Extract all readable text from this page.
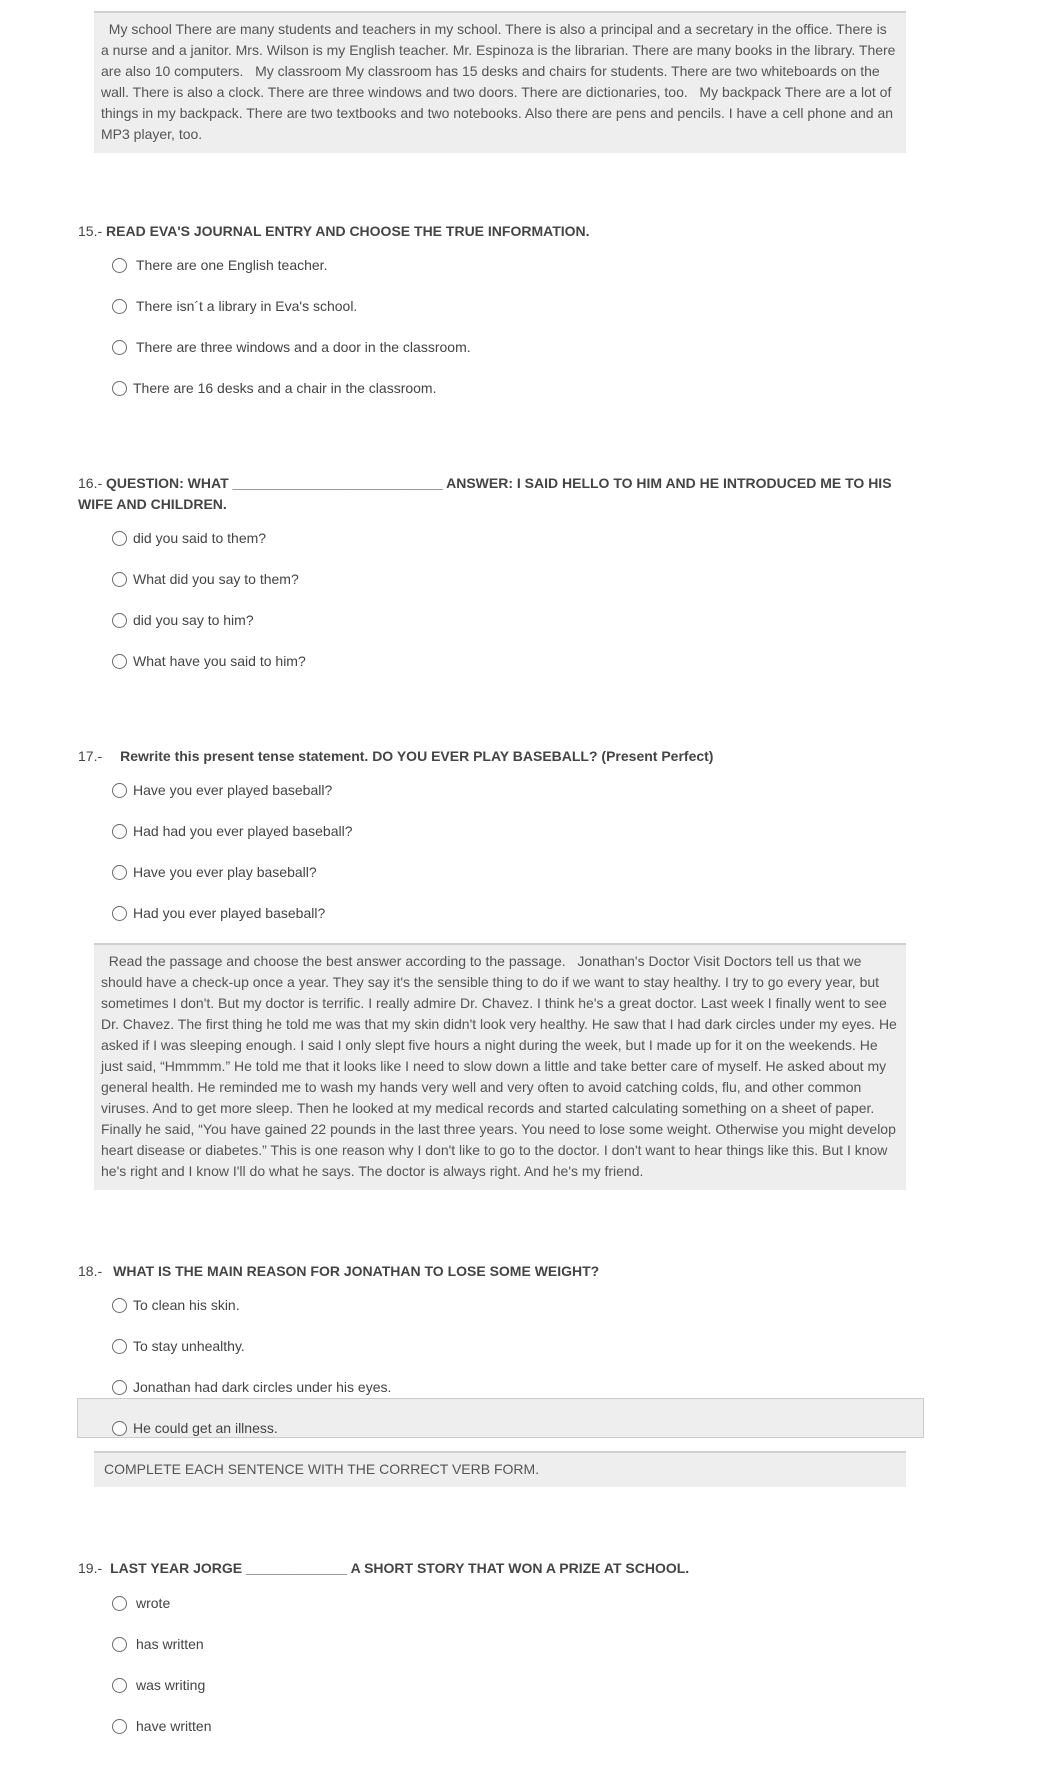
My school There are many students and teachers in my school. There is also a principal and a secretary in the office. There is a nurse and a janitor. Mrs. Wilson is my English teacher. Mr. Espinoza is the librarian. There are many books in the library. There are also 10 computers.   My classroom My classroom has 15 desks and chairs for students. There are two whiteboards on the wall. There is also a clock. There are three windows and two doors. There are dictionaries, too.   My backpack There are a lot of things in my backpack. There are two textbooks and two notebooks. Also there are pens and pencils. I have a cell phone and an MP3 player, too.
15.- READ EVA'S JOURNAL ENTRY AND CHOOSE THE TRUE INFORMATION.
There are one English teacher.
There isn´t a library in Eva's school.
There are three windows and a door in the classroom.
There are 16 desks and a chair in the classroom.
16.- QUESTION: WHAT ___________________________ ANSWER: I SAID HELLO TO HIM AND HE INTRODUCED ME TO HIS WIFE AND CHILDREN.
did you said to them?
What did you say to them?
did you say to him?
What have you said to him?
17.- Rewrite this present tense statement. DO YOU EVER PLAY BASEBALL? (Present Perfect)
Have you ever played baseball?
Had had you ever played baseball?
Have you ever play baseball?
Had you ever played baseball?
Read the passage and choose the best answer according to the passage.   Jonathan's Doctor Visit Doctors tell us that we should have a check-up once a year. They say it's the sensible thing to do if we want to stay healthy. I try to go every year, but sometimes I don't. But my doctor is terrific. I really admire Dr. Chavez. I think he's a great doctor. Last week I finally went to see Dr. Chavez. The first thing he told me was that my skin didn't look very healthy. He saw that I had dark circles under my eyes. He asked if I was sleeping enough. I said I only slept five hours a night during the week, but I made up for it on the weekends. He just said, “Hmmmm.” He told me that it looks like I need to slow down a little and take better care of myself. He asked about my general health. He reminded me to wash my hands very well and very often to avoid catching colds, flu, and other common viruses. And to get more sleep. Then he looked at my medical records and started calculating something on a sheet of paper. Finally he said, “You have gained 22 pounds in the last three years. You need to lose some weight. Otherwise you might develop heart disease or diabetes.” This is one reason why I don't like to go to the doctor. I don't want to hear things like this. But I know he's right and I know I'll do what he says. The doctor is always right. And he's my friend.
18.- WHAT IS THE MAIN REASON FOR JONATHAN TO LOSE SOME WEIGHT?
To clean his skin.
To stay unhealthy.
Jonathan had dark circles under his eyes.
He could get an illness.
COMPLETE EACH SENTENCE WITH THE CORRECT VERB FORM.
19.- LAST YEAR JORGE _____________ A SHORT STORY THAT WON A PRIZE AT SCHOOL.
wrote
has written
was writing
have written
